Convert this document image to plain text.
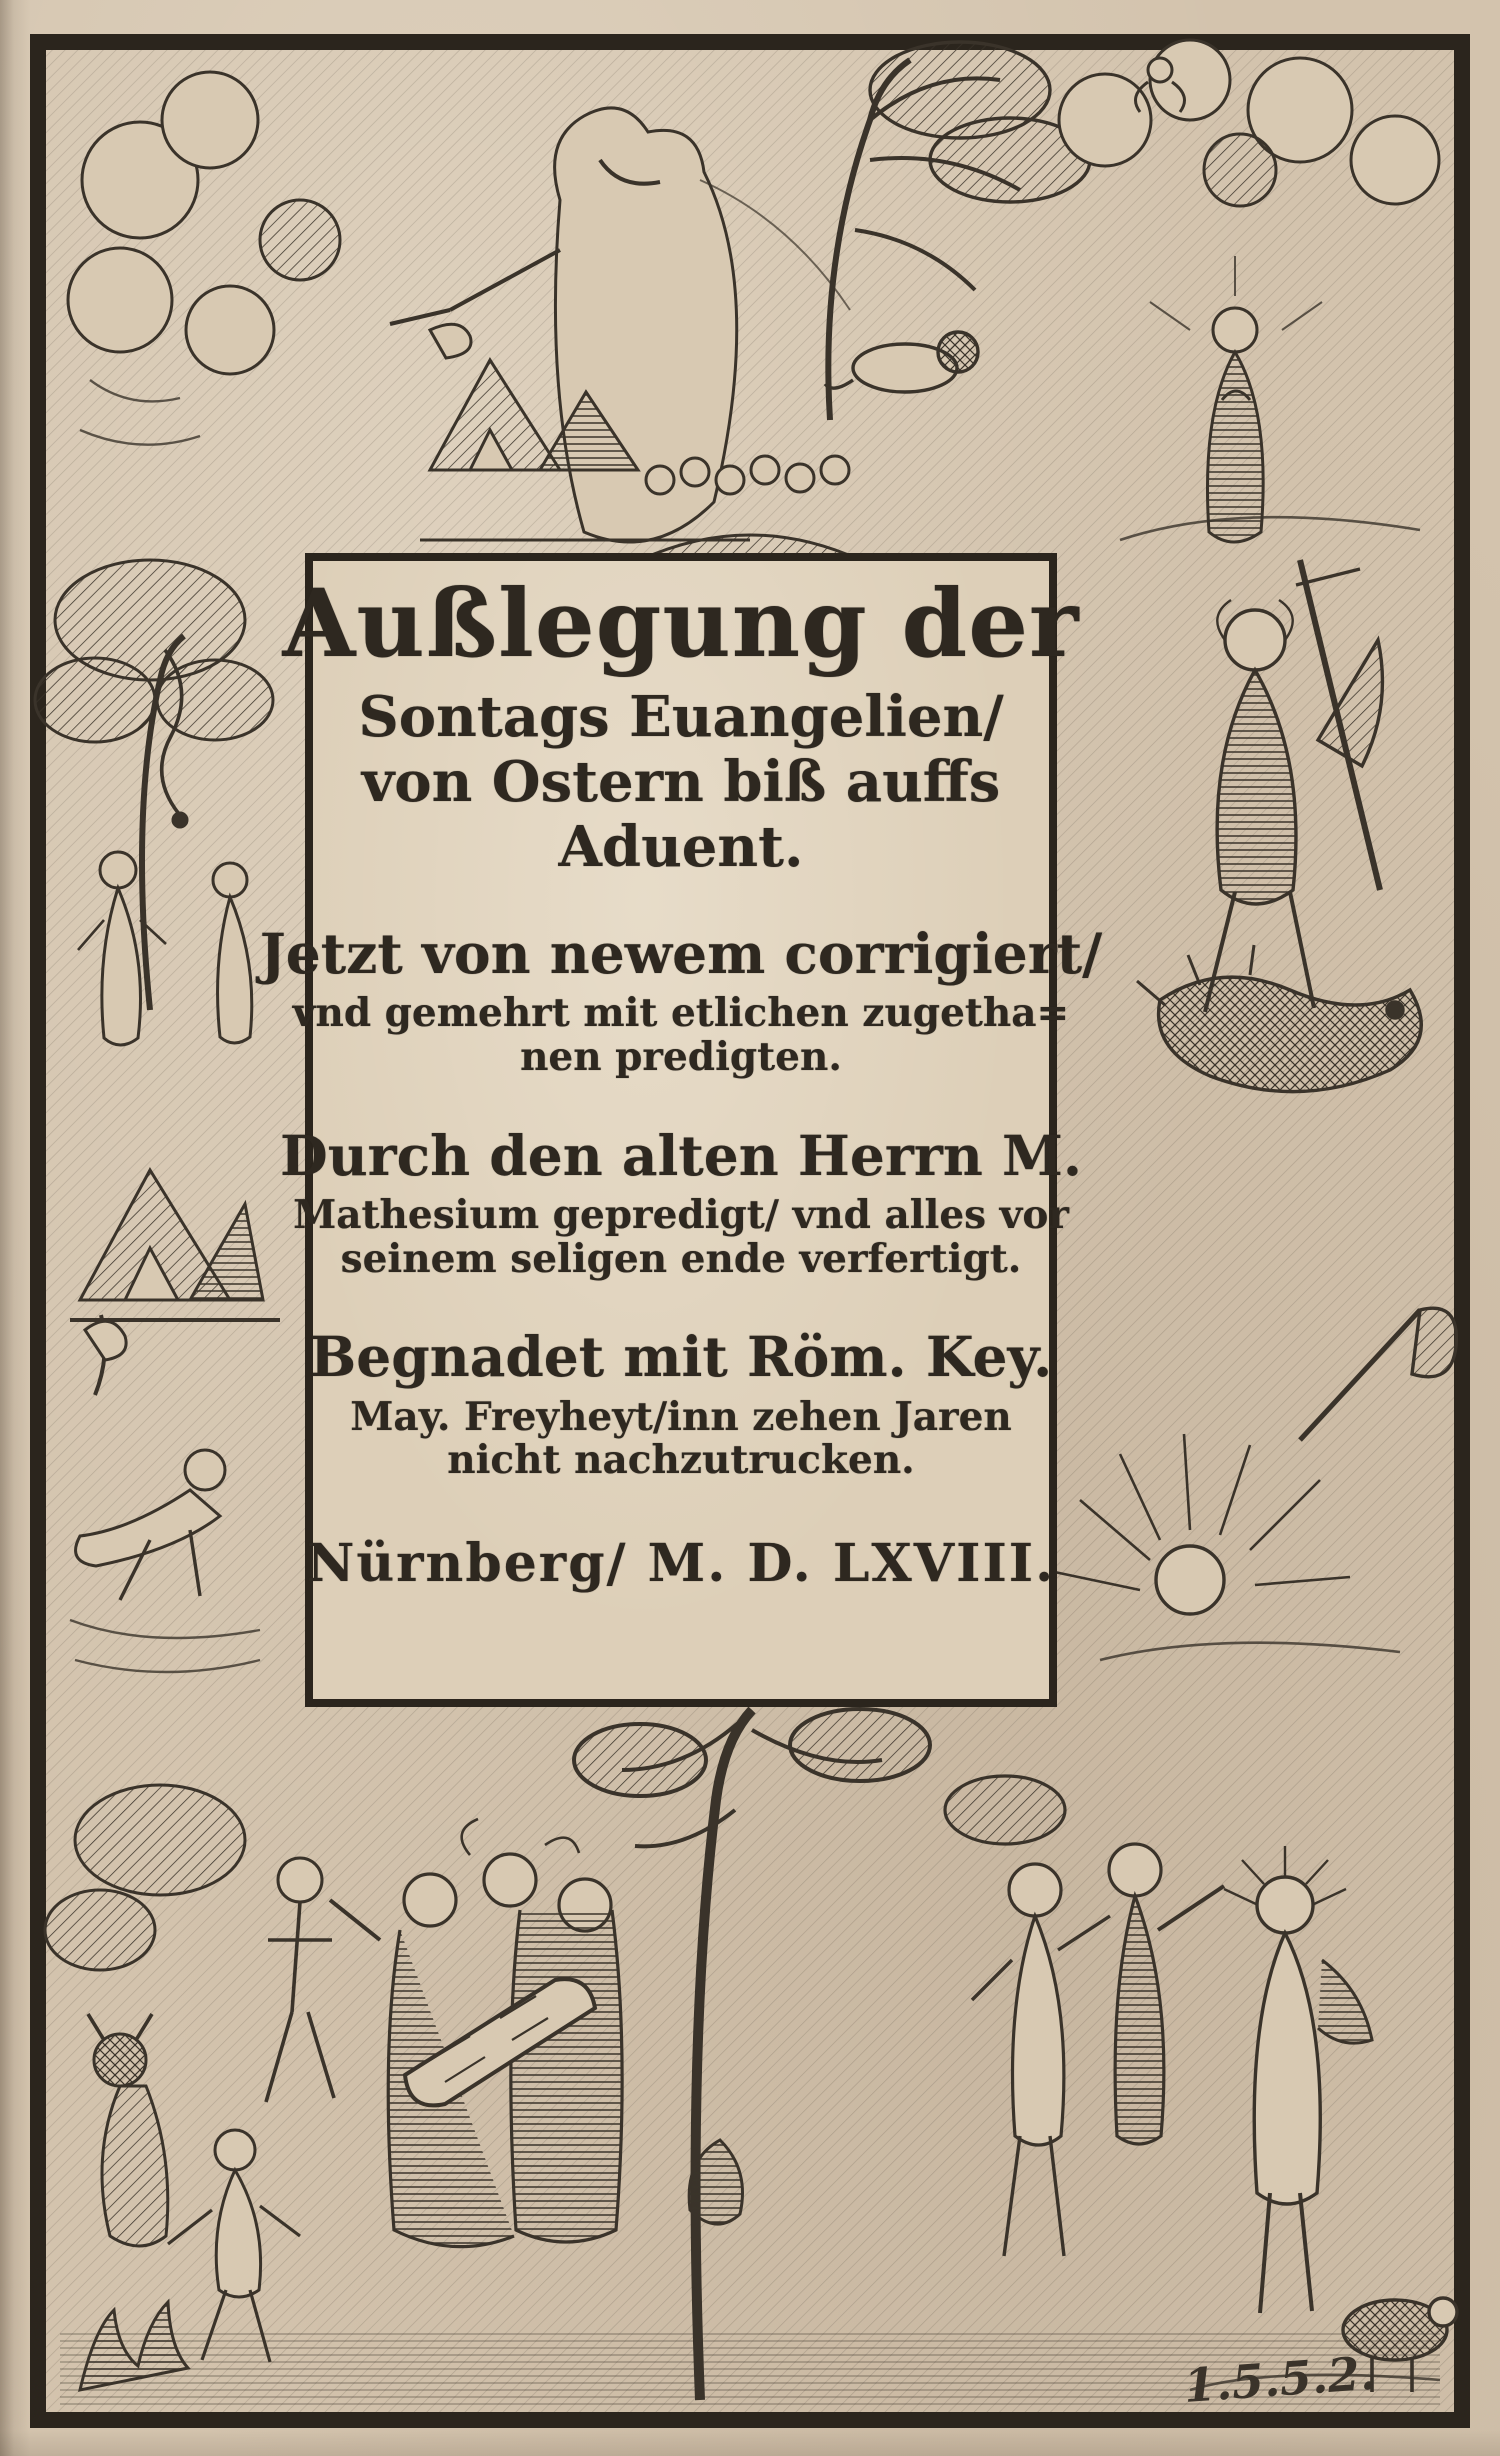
1.5.5.2.
Außlegung der
Sontags Euangelien/
von Ostern biß auffs
Aduent.
Jetzt von newem corrigiert/
vnd gemehrt mit etlichen zugetha=
nen predigten.
Durch den alten Herrn M.
Mathesium gepredigt/ vnd alles vor
seinem seligen ende verfertigt.
Begnadet mit Röm. Key.
May. Freyheyt/inn zehen Jaren
nicht nachzutrucken.
Nürnberg/ M. D. LXVIII.
